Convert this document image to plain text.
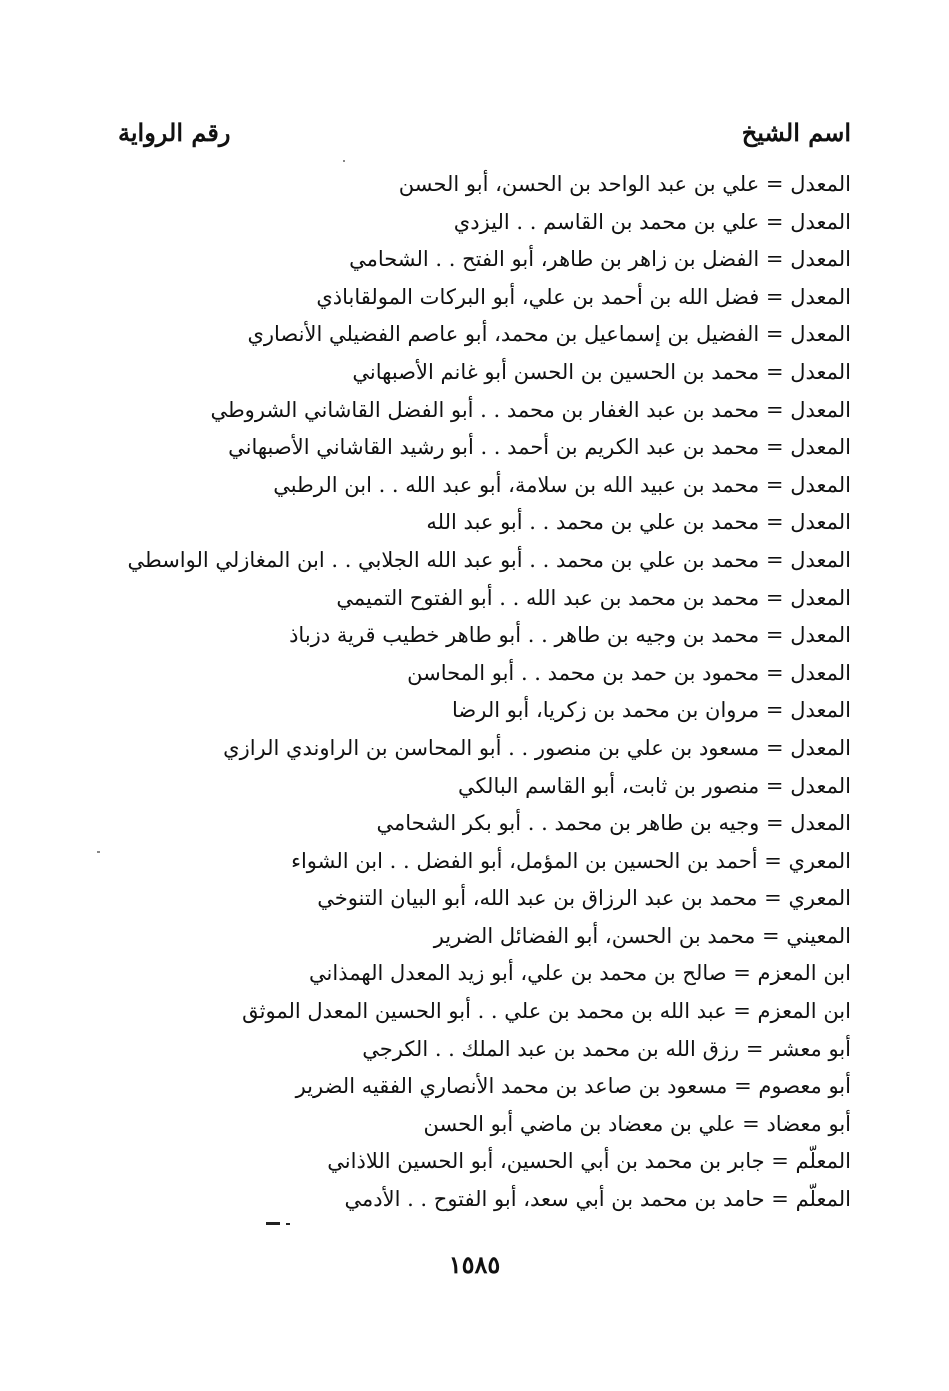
اسم الشيخ
رقم الرواية
المعدل = علي بن عبد الواحد بن الحسن، أبو الحسن
المعدل = علي بن محمد بن القاسم . . اليزدي
المعدل = الفضل بن زاهر بن طاهر، أبو الفتح . . الشحامي
المعدل = فضل الله بن أحمد بن علي، أبو البركات المولقاباذي
المعدل = الفضيل بن إسماعيل بن محمد، أبو عاصم الفضيلي الأنصاري
المعدل = محمد بن الحسين بن الحسن أبو غانم الأصبهاني
المعدل = محمد بن عبد الغفار بن محمد . . أبو الفضل القاشاني الشروطي
المعدل = محمد بن عبد الكريم بن أحمد . . أبو رشيد القاشاني الأصبهاني
المعدل = محمد بن عبيد الله بن سلامة، أبو عبد الله . . ابن الرطبي
المعدل = محمد بن علي بن محمد . . أبو عبد الله
المعدل = محمد بن علي بن محمد . . أبو عبد الله الجلابي . . ابن المغازلي الواسطي
المعدل = محمد بن محمد بن عبد الله . . أبو الفتوح التميمي
المعدل = محمد بن وجيه بن طاهر . . أبو طاهر خطيب قرية دزباذ
المعدل = محمود بن حمد بن محمد . . أبو المحاسن
المعدل = مروان بن محمد بن زكريا، أبو الرضا
المعدل = مسعود بن علي بن منصور . . أبو المحاسن بن الراوندي الرازي
المعدل = منصور بن ثابت، أبو القاسم البالكي
المعدل = وجيه بن طاهر بن محمد . . أبو بكر الشحامي
المعري = أحمد بن الحسين بن المؤمل، أبو الفضل . . ابن الشواء
المعري = محمد بن عبد الرزاق بن عبد الله، أبو البيان التنوخي
المعيني = محمد بن الحسن، أبو الفضائل الضرير
ابن المعزم = صالح بن محمد بن علي، أبو زيد المعدل الهمذاني
ابن المعزم = عبد الله بن محمد بن علي . . أبو الحسين المعدل الموثق
أبو معشر = رزق الله بن محمد بن عبد الملك . . الكرجي
أبو معصوم = مسعود بن صاعد بن محمد الأنصاري الفقيه الضرير
أبو معضاد = علي بن معضاد بن ماضي أبو الحسن
المعلّم = جابر بن محمد بن أبي الحسين، أبو الحسين اللاذاني
المعلّم = حامد بن محمد بن أبي سعد، أبو الفتوح . . الأدمي
١٥٨٥
